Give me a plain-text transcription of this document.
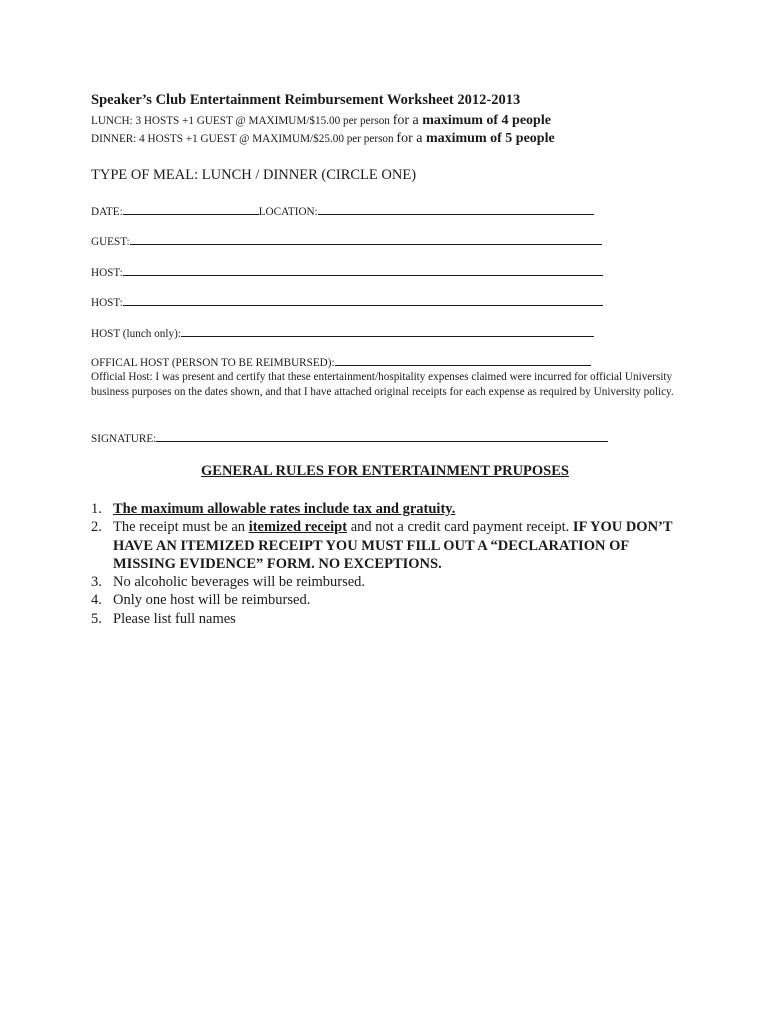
Speaker’s Club Entertainment Reimbursement Worksheet 2012-2013
LUNCH: 3 HOSTS +1 GUEST @ MAXIMUM/$15.00 per person for a maximum of 4 people
DINNER: 4 HOSTS +1 GUEST @ MAXIMUM/$25.00 per person for a maximum of 5 people
TYPE OF MEAL: LUNCH / DINNER (CIRCLE ONE)
DATE:	LOCATION:
GUEST:
HOST:
HOST:
HOST (lunch only):
OFFICAL HOST (PERSON TO BE REIMBURSED):
Official Host: I was present and certify that these entertainment/hospitality expenses claimed were incurred for official University business purposes on the dates shown, and that I have attached original receipts for each expense as required by University policy.
SIGNATURE:
GENERAL RULES FOR ENTERTAINMENT PRUPOSES
1. The maximum allowable rates include tax and gratuity.
2. The receipt must be an itemized receipt and not a credit card payment receipt. IF YOU DON’T HAVE AN ITEMIZED RECEIPT YOU MUST FILL OUT A “DECLARATION OF MISSING EVIDENCE” FORM. NO EXCEPTIONS.
3. No alcoholic beverages will be reimbursed.
4. Only one host will be reimbursed.
5. Please list full names
